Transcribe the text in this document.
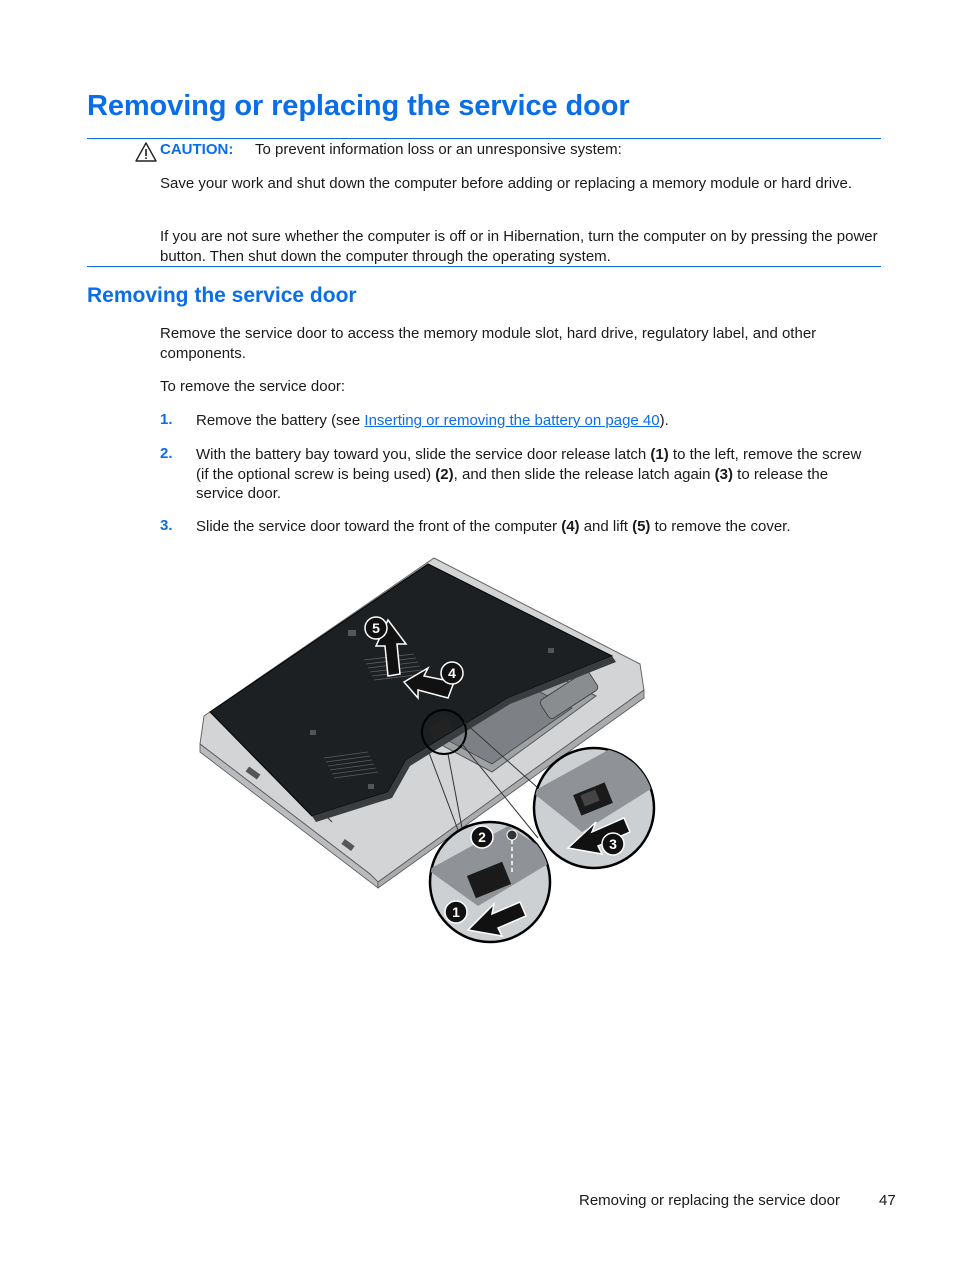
Removing or replacing the service door
CAUTION: To prevent information loss or an unresponsive system:

Save your work and shut down the computer before adding or replacing a memory module or hard drive.

If you are not sure whether the computer is off or in Hibernation, turn the computer on by pressing the power button. Then shut down the computer through the operating system.

Removing the service door

Remove the service door to access the memory module slot, hard drive, regulatory label, and other components.

To remove the service door:

1. Remove the battery (see Inserting or removing the battery on page 40).

2. With the battery bay toward you, slide the service door release latch (1) to the left, remove the screw (if the optional screw is being used) (2), and then slide the release latch again (3) to release the service door.

3. Slide the service door toward the front of the computer (4) and lift (5) to remove the cover.

5
4
3
2
1
Removing or replacing the service door	47
